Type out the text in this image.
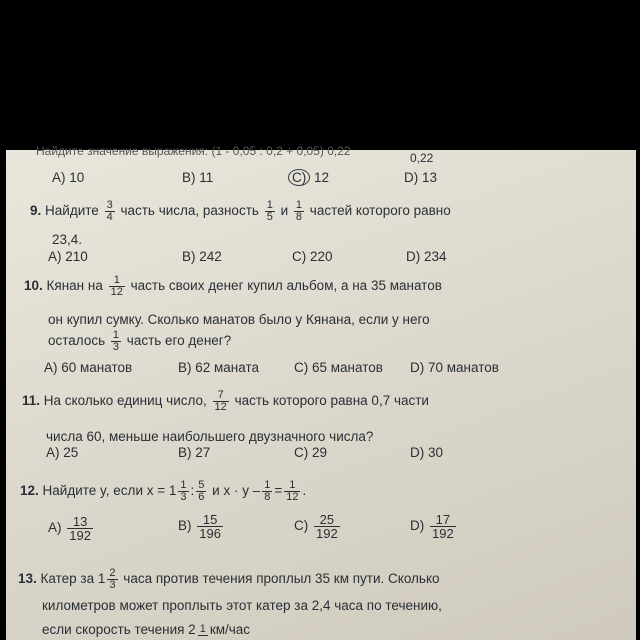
Найдите значение выражения: (1 - 0,05 : 0,2 + 0,05) 0,22	0,22
A) 10	B) 11	C) 12	D) 13
9. Найдите $\frac{3}{4}$ часть числа, разность $\frac{1}{5}$ и $\frac{1}{8}$ частей которого равно
23,4.
A) 210	B) 242	C) 220	D) 234
10. Кянан на $\frac{1}{12}$ часть своих денег купил альбом, а на 35 манатов
он купил сумку. Сколько манатов было у Кянана, если у него
осталось $\frac{1}{3}$ часть его денег?
A) 60 манатов	B) 62 маната	C) 65 манатов D) 70 манатов
11. На сколько единиц число, $\frac{7}{12}$ часть которого равна 0,7 части
числа 60, меньше наибольшего двузначного числа?
A) 25	B) 27	C) 29	D) 30
12. Найдите y, если $x = 1 \frac{1}{3}$ : $\frac{5}{6}$ и $x \cdot y - \frac{1}{8} = \frac{1}{12}$ .
$A) \frac{13}{192}$	$B) \frac{15}{196}$	$C) \frac{25}{192}$	$D) \frac{17}{192}$
13. Катер за $1 \frac{2}{3}$ часа против течения проплыл 35 км пути. Сколько
километров может проплыть этот катер за 2,4 часа по течению,
если скорость течения 2 1 км/час
